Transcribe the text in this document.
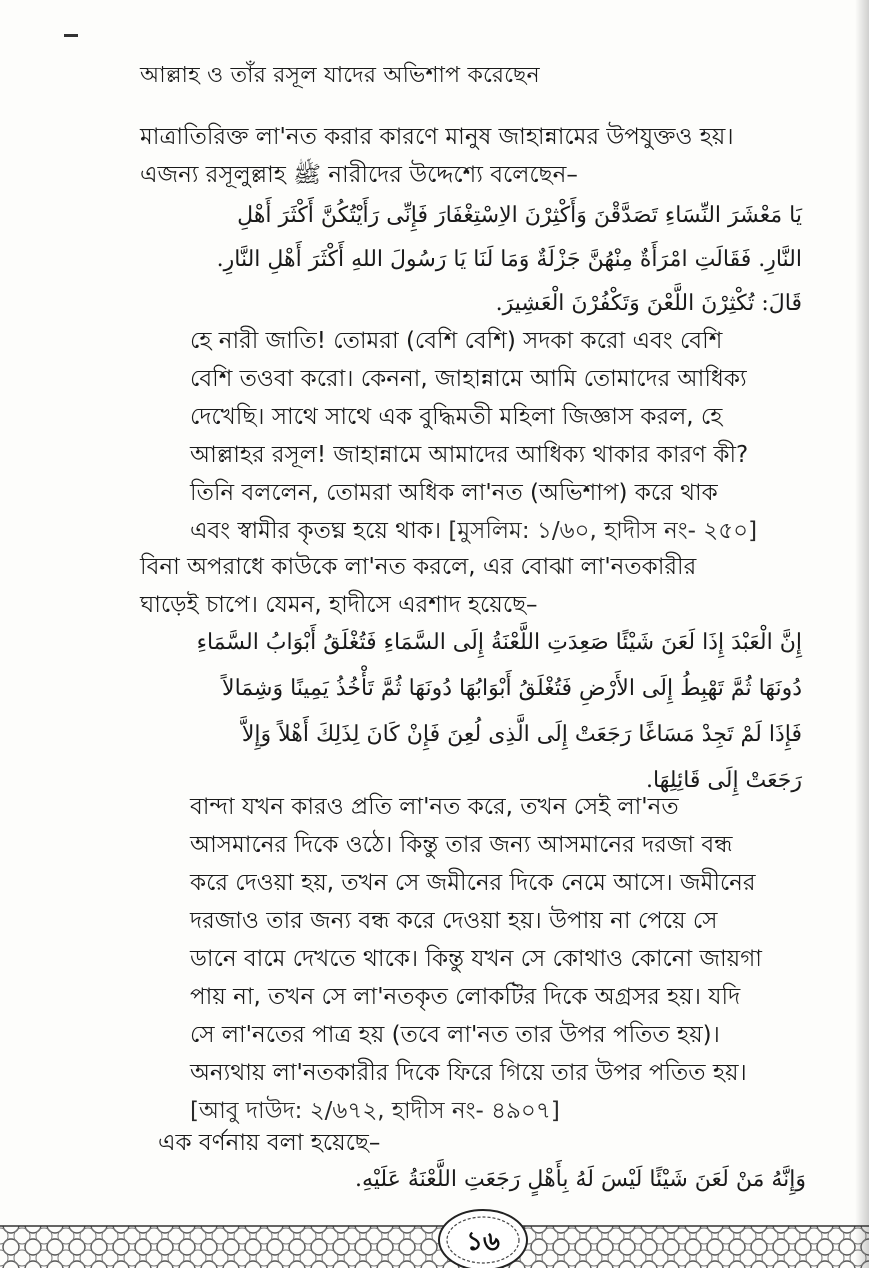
আল্লাহ ও তাঁর রসূল যাদের অভিশাপ করেছেন
মাত্রাতিরিক্ত লা'নত করার কারণে মানুষ জাহান্নামের উপযুক্তও হয়।
এজন্য রসূলুল্লাহ ﷺ নারীদের উদ্দেশ্যে বলেছেন–
يَا مَعْشَرَ النِّسَاءِ تَصَدَّقْنَ وَأَكْثِرْنَ الاِسْتِغْفَارَ فَإِنِّى رَأَيْتُكُنَّ أَكْثَرَ أَهْلِ
النَّارِ. فَقَالَتِ امْرَأَةٌ مِنْهُنَّ جَزْلَةٌ وَمَا لَنَا يَا رَسُولَ اللهِ أَكْثَرَ أَهْلِ النَّارِ.
قَالَ: تُكْثِرْنَ اللَّعْنَ وَتَكْفُرْنَ الْعَشِيرَ.
হে নারী জাতি! তোমরা (বেশি বেশি) সদকা করো এবং বেশি
বেশি তওবা করো। কেননা, জাহান্নামে আমি তোমাদের আধিক্য
দেখেছি। সাথে সাথে এক বুদ্ধিমতী মহিলা জিজ্ঞাস করল, হে
আল্লাহর রসূল! জাহান্নামে আমাদের আধিক্য থাকার কারণ কী?
তিনি বললেন, তোমরা অধিক লা'নত (অভিশাপ) করে থাক
এবং স্বামীর কৃতঘ্ন হয়ে থাক। [মুসলিম: ১/৬০, হাদীস নং- ২৫০]
বিনা অপরাধে কাউকে লা'নত করলে, এর বোঝা লা'নতকারীর
ঘাড়েই চাপে। যেমন, হাদীসে এরশাদ হয়েছে–
إِنَّ الْعَبْدَ إِذَا لَعَنَ شَيْئًا صَعِدَتِ اللَّعْنَةُ إِلَى السَّمَاءِ فَتُغْلَقُ أَبْوَابُ السَّمَاءِ
دُونَهَا ثُمَّ تَهْبِطُ إِلَى الأَرْضِ فَتُغْلَقُ أَبْوَابُهَا دُونَهَا ثُمَّ تَأْخُذُ يَمِينًا وَشِمَالاً
فَإِذَا لَمْ تَجِدْ مَسَاغًا رَجَعَتْ إِلَى الَّذِى لُعِنَ فَإِنْ كَانَ لِذَلِكَ أَهْلاً وَإِلاَّ
رَجَعَتْ إِلَى قَائِلِهَا.
বান্দা যখন কারও প্রতি লা'নত করে, তখন সেই লা'নত
আসমানের দিকে ওঠে। কিন্তু তার জন্য আসমানের দরজা বন্ধ
করে দেওয়া হয়, তখন সে জমীনের দিকে নেমে আসে। জমীনের
দরজাও তার জন্য বন্ধ করে দেওয়া হয়। উপায় না পেয়ে সে
ডানে বামে দেখতে থাকে। কিন্তু যখন সে কোথাও কোনো জায়গা
পায় না, তখন সে লা'নতকৃত লোকটির দিকে অগ্রসর হয়। যদি
সে লা'নতের পাত্র হয় (তবে লা'নত তার উপর পতিত হয়)।
অন্যথায় লা'নতকারীর দিকে ফিরে গিয়ে তার উপর পতিত হয়।
[আবু দাউদ: ২/৬৭২, হাদীস নং- ৪৯০৭]
এক বর্ণনায় বলা হয়েছে–
وَإِنَّهُ مَنْ لَعَنَ شَيْئًا لَيْسَ لَهُ بِأَهْلٍ رَجَعَتِ اللَّعْنَةُ عَلَيْهِ.
১৬
